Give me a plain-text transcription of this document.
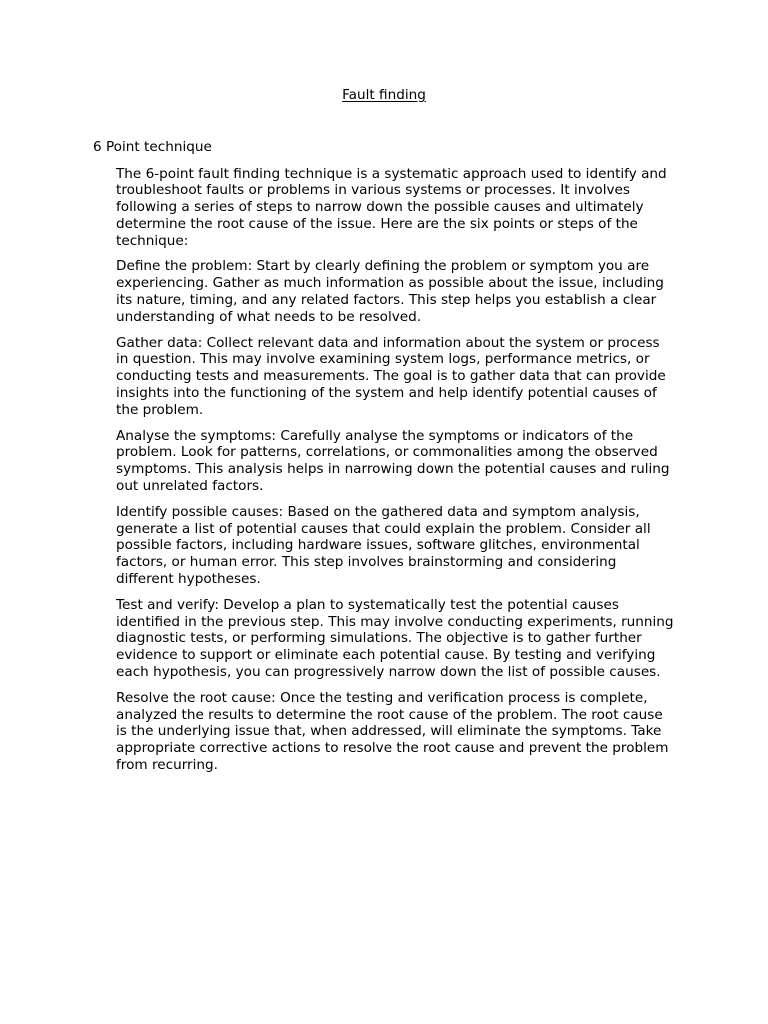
Fault finding
6 Point technique

The 6-point fault finding technique is a systematic approach used to identify and troubleshoot faults or problems in various systems or processes. It involves following a series of steps to narrow down the possible causes and ultimately determine the root cause of the issue. Here are the six points or steps of the technique:

Define the problem: Start by clearly defining the problem or symptom you are experiencing. Gather as much information as possible about the issue, including its nature, timing, and any related factors. This step helps you establish a clear understanding of what needs to be resolved.

Gather data: Collect relevant data and information about the system or process in question. This may involve examining system logs, performance metrics, or conducting tests and measurements. The goal is to gather data that can provide insights into the functioning of the system and help identify potential causes of the problem.

Analyse the symptoms: Carefully analyse the symptoms or indicators of the problem. Look for patterns, correlations, or commonalities among the observed symptoms. This analysis helps in narrowing down the potential causes and ruling out unrelated factors.

Identify possible causes: Based on the gathered data and symptom analysis, generate a list of potential causes that could explain the problem. Consider all possible factors, including hardware issues, software glitches, environmental factors, or human error. This step involves brainstorming and considering different hypotheses.

Test and verify: Develop a plan to systematically test the potential causes identified in the previous step. This may involve conducting experiments, running diagnostic tests, or performing simulations. The objective is to gather further evidence to support or eliminate each potential cause. By testing and verifying each hypothesis, you can progressively narrow down the list of possible causes.

Resolve the root cause: Once the testing and verification process is complete, analyzed the results to determine the root cause of the problem. The root cause is the underlying issue that, when addressed, will eliminate the symptoms. Take appropriate corrective actions to resolve the root cause and prevent the problem from recurring.
